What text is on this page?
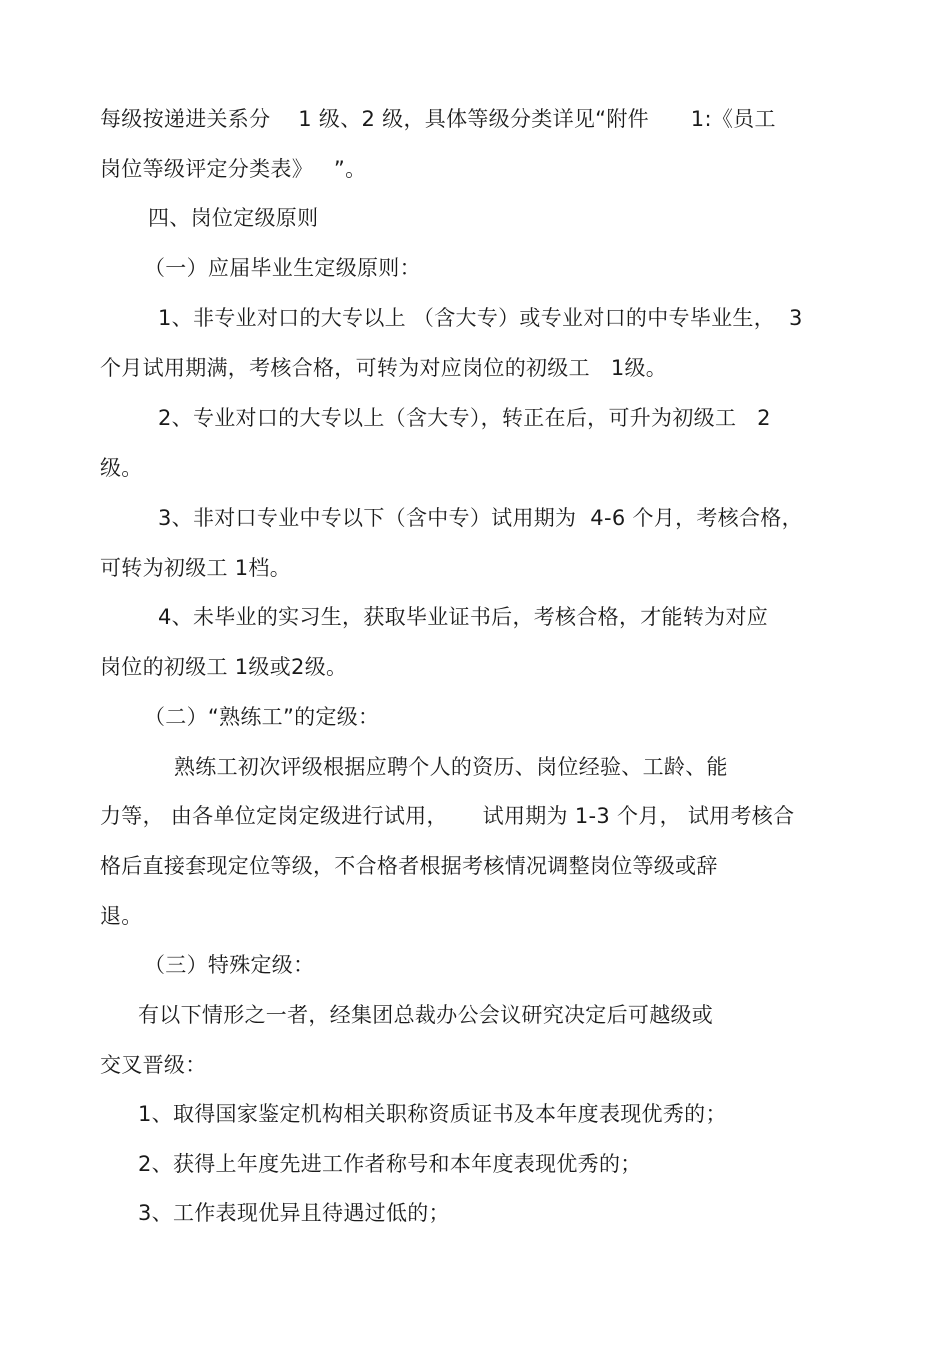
每级按递进关系分    1 级、2 级，具体等级分类详见“附件      1:《员工
岗位等级评定分类表》   ”。
四、岗位定级原则
（一）应届毕业生定级原则：
1、非专业对口的大专以上 （含大专）或专业对口的中专毕业生，  3
个月试用期满，考核合格，可转为对应岗位的初级工   1级。
2、专业对口的大专以上（含大专），转正在后，可升为初级工   2
级。
3、非对口专业中专以下（含中专）试用期为  4-6 个月，考核合格，
可转为初级工 1档。
4、未毕业的实习生，获取毕业证书后，考核合格，才能转为对应
岗位的初级工 1级或2级。
（二）“熟练工”的定级：
熟练工初次评级根据应聘个人的资历、岗位经验、工龄、能
力等， 由各单位定岗定级进行试用，     试用期为 1-3 个月， 试用考核合
格后直接套现定位等级，不合格者根据考核情况调整岗位等级或辞
退。
（三）特殊定级：
有以下情形之一者，经集团总裁办公会议研究决定后可越级或
交叉晋级：
1、取得国家鉴定机构相关职称资质证书及本年度表现优秀的；
2、获得上年度先进工作者称号和本年度表现优秀的；
3、工作表现优异且待遇过低的；
